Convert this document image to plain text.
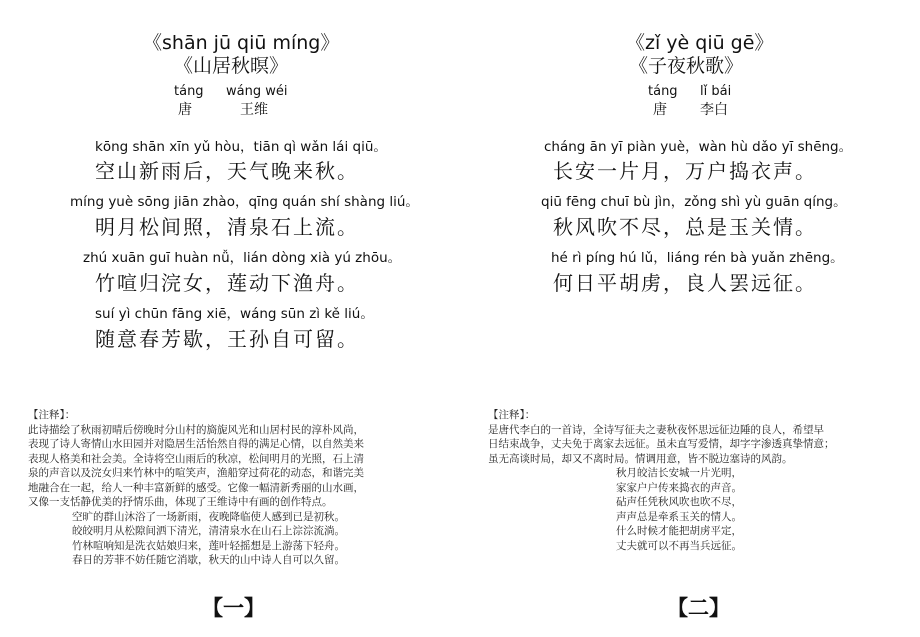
《shān jū qiū míng》
《山居秋暝》
táng
唐
wáng wéi
王维
kōng shān xīn yǔ hòu，tiān qì wǎn lái qiū。
空山新雨后，天气晚来秋。
míng yuè sōng jiān zhào，qīng quán shí shàng liú。
明月松间照，清泉石上流。
zhú xuān guī huàn nǚ，lián dòng xià yú zhōu。
竹喧归浣女，莲动下渔舟。
suí yì chūn fāng xiē，wáng sūn zì kě liú。
随意春芳歇，王孙自可留。

【注释】：

此诗描绘了秋雨初晴后傍晚时分山村的旖旎风光和山居村民的淳朴风尚，

表现了诗人寄情山水田园并对隐居生活怡然自得的满足心情，以自然美来

表现人格美和社会美。全诗将空山雨后的秋凉，松间明月的光照，石上清

泉的声音以及浣女归来竹林中的喧笑声，渔船穿过荷花的动态，和谐完美

地融合在一起，给人一种丰富新鲜的感受。它像一幅清新秀丽的山水画，

又像一支恬静优美的抒情乐曲，体现了王维诗中有画的创作特点。

空旷的群山沐浴了一场新雨，夜晚降临使人感到已是初秋。

皎皎明月从松隙间洒下清光，清清泉水在山石上淙淙流淌。

竹林喧响知是洗衣姑娘归来，莲叶轻摇想是上游荡下轻舟。

春日的芳菲不妨任随它消歇，秋天的山中诗人自可以久留。

【一】
《zǐ yè qiū gē》
《子夜秋歌》
táng
唐
lǐ bái
李白
cháng ān yī piàn yuè，wàn hù dǎo yī shēng。
长安一片月，万户捣衣声。
qiū fēng chuī bù jìn，zǒng shì yù guān qíng。
秋风吹不尽，总是玉关情。
hé rì píng hú lǔ，liáng rén bà yuǎn zhēng。
何日平胡虏，良人罢远征。

【注释】：

是唐代李白的一首诗，全诗写征夫之妻秋夜怀思远征边陲的良人，希望早

日结束战争，丈夫免于离家去远征。虽未直写爱情，却字字渗透真挚情意；

虽无高谈时局，却又不离时局。情调用意，皆不脱边塞诗的风韵。

秋月皎洁长安城一片光明，

家家户户传来捣衣的声音。

砧声任凭秋风吹也吹不尽，

声声总是牵系玉关的情人。

什么时候才能把胡虏平定，

丈夫就可以不再当兵远征。

【二】
